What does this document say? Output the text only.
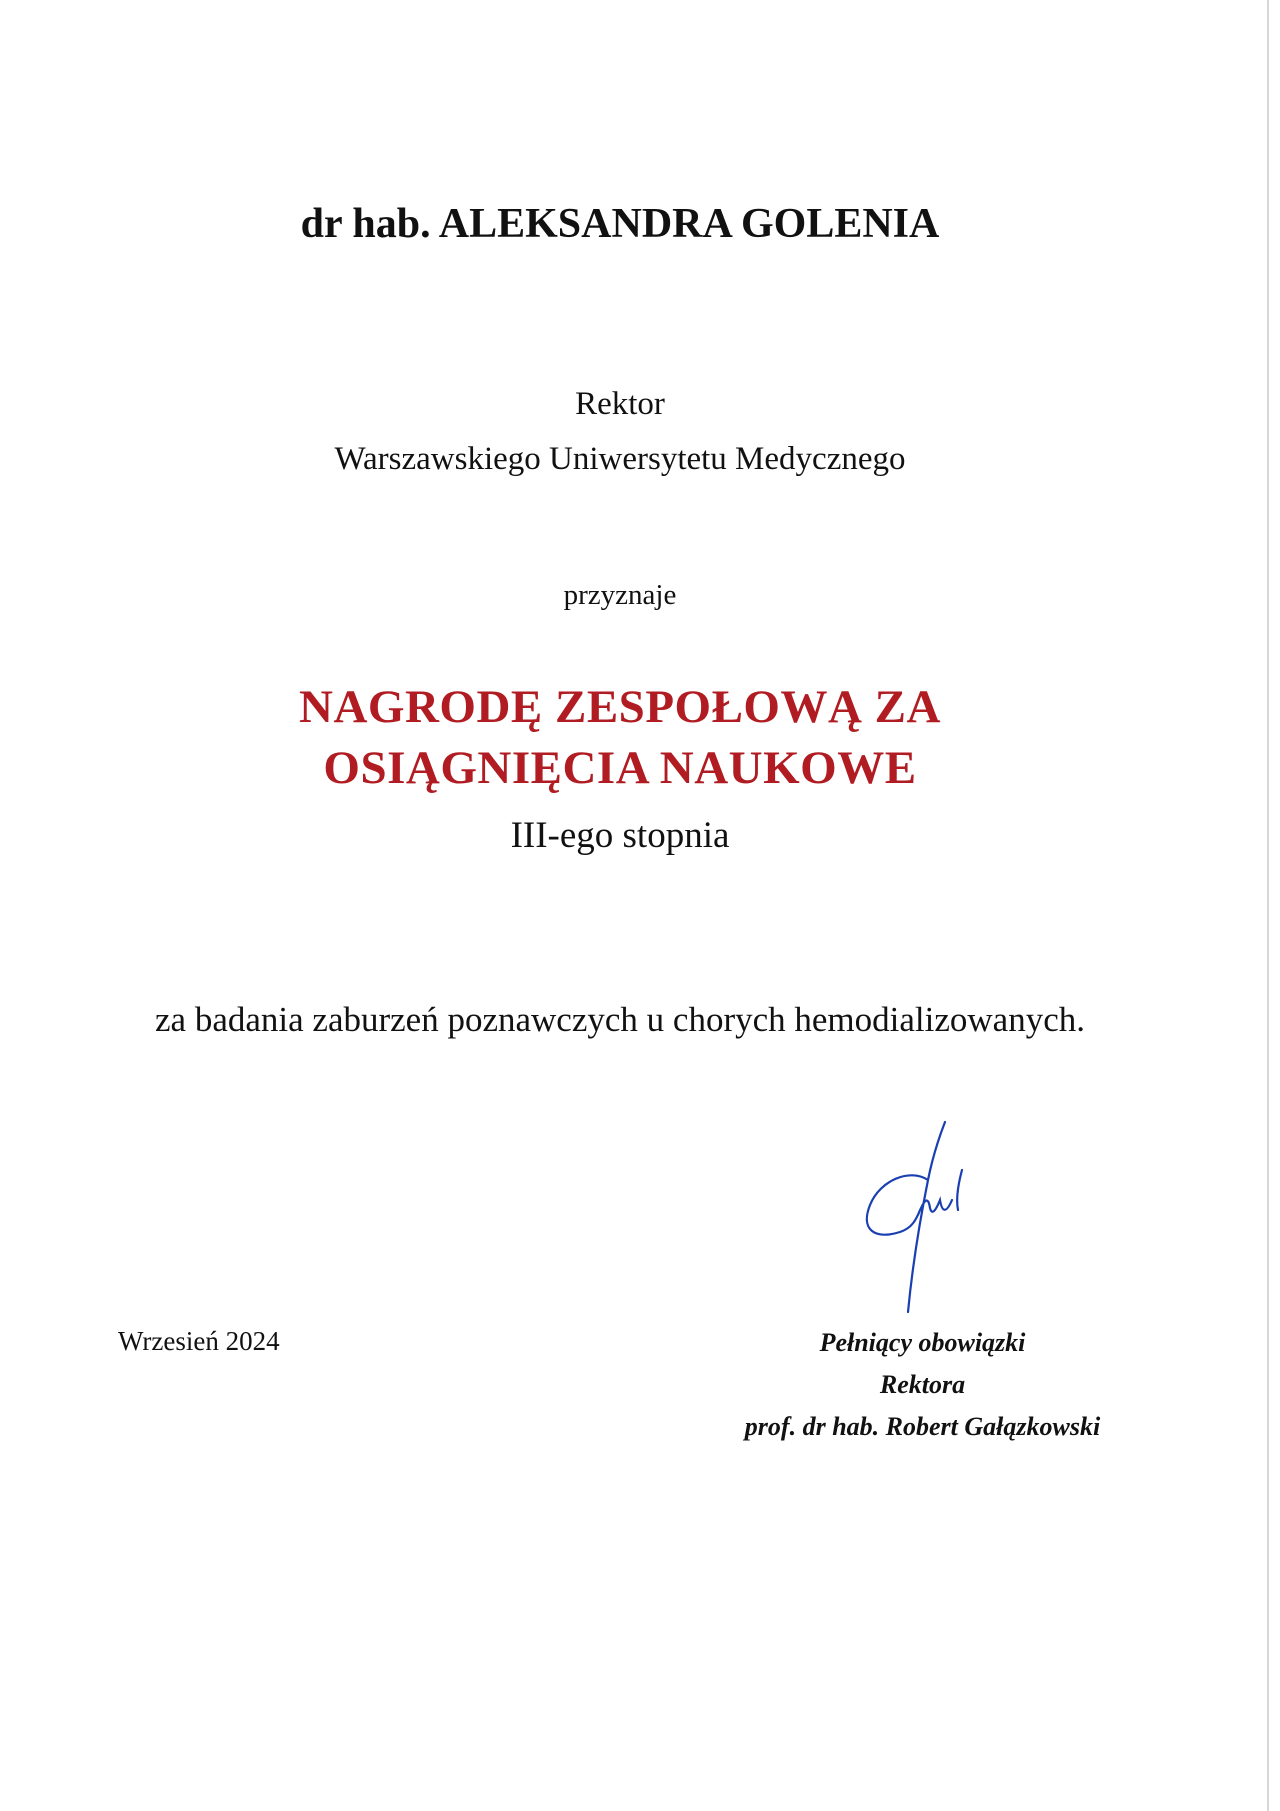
dr hab. ALEKSANDRA GOLENIA
Rektor
Warszawskiego Uniwersytetu Medycznego
przyznaje
NAGRODĘ ZESPOŁOWĄ ZA
OSIĄGNIĘCIA NAUKOWE
III-ego stopnia
za badania zaburzeń poznawczych u chorych hemodializowanych.
Wrzesień 2024	Pełniący obowiązki
Rektora
prof. dr hab. Robert Gałązkowski
